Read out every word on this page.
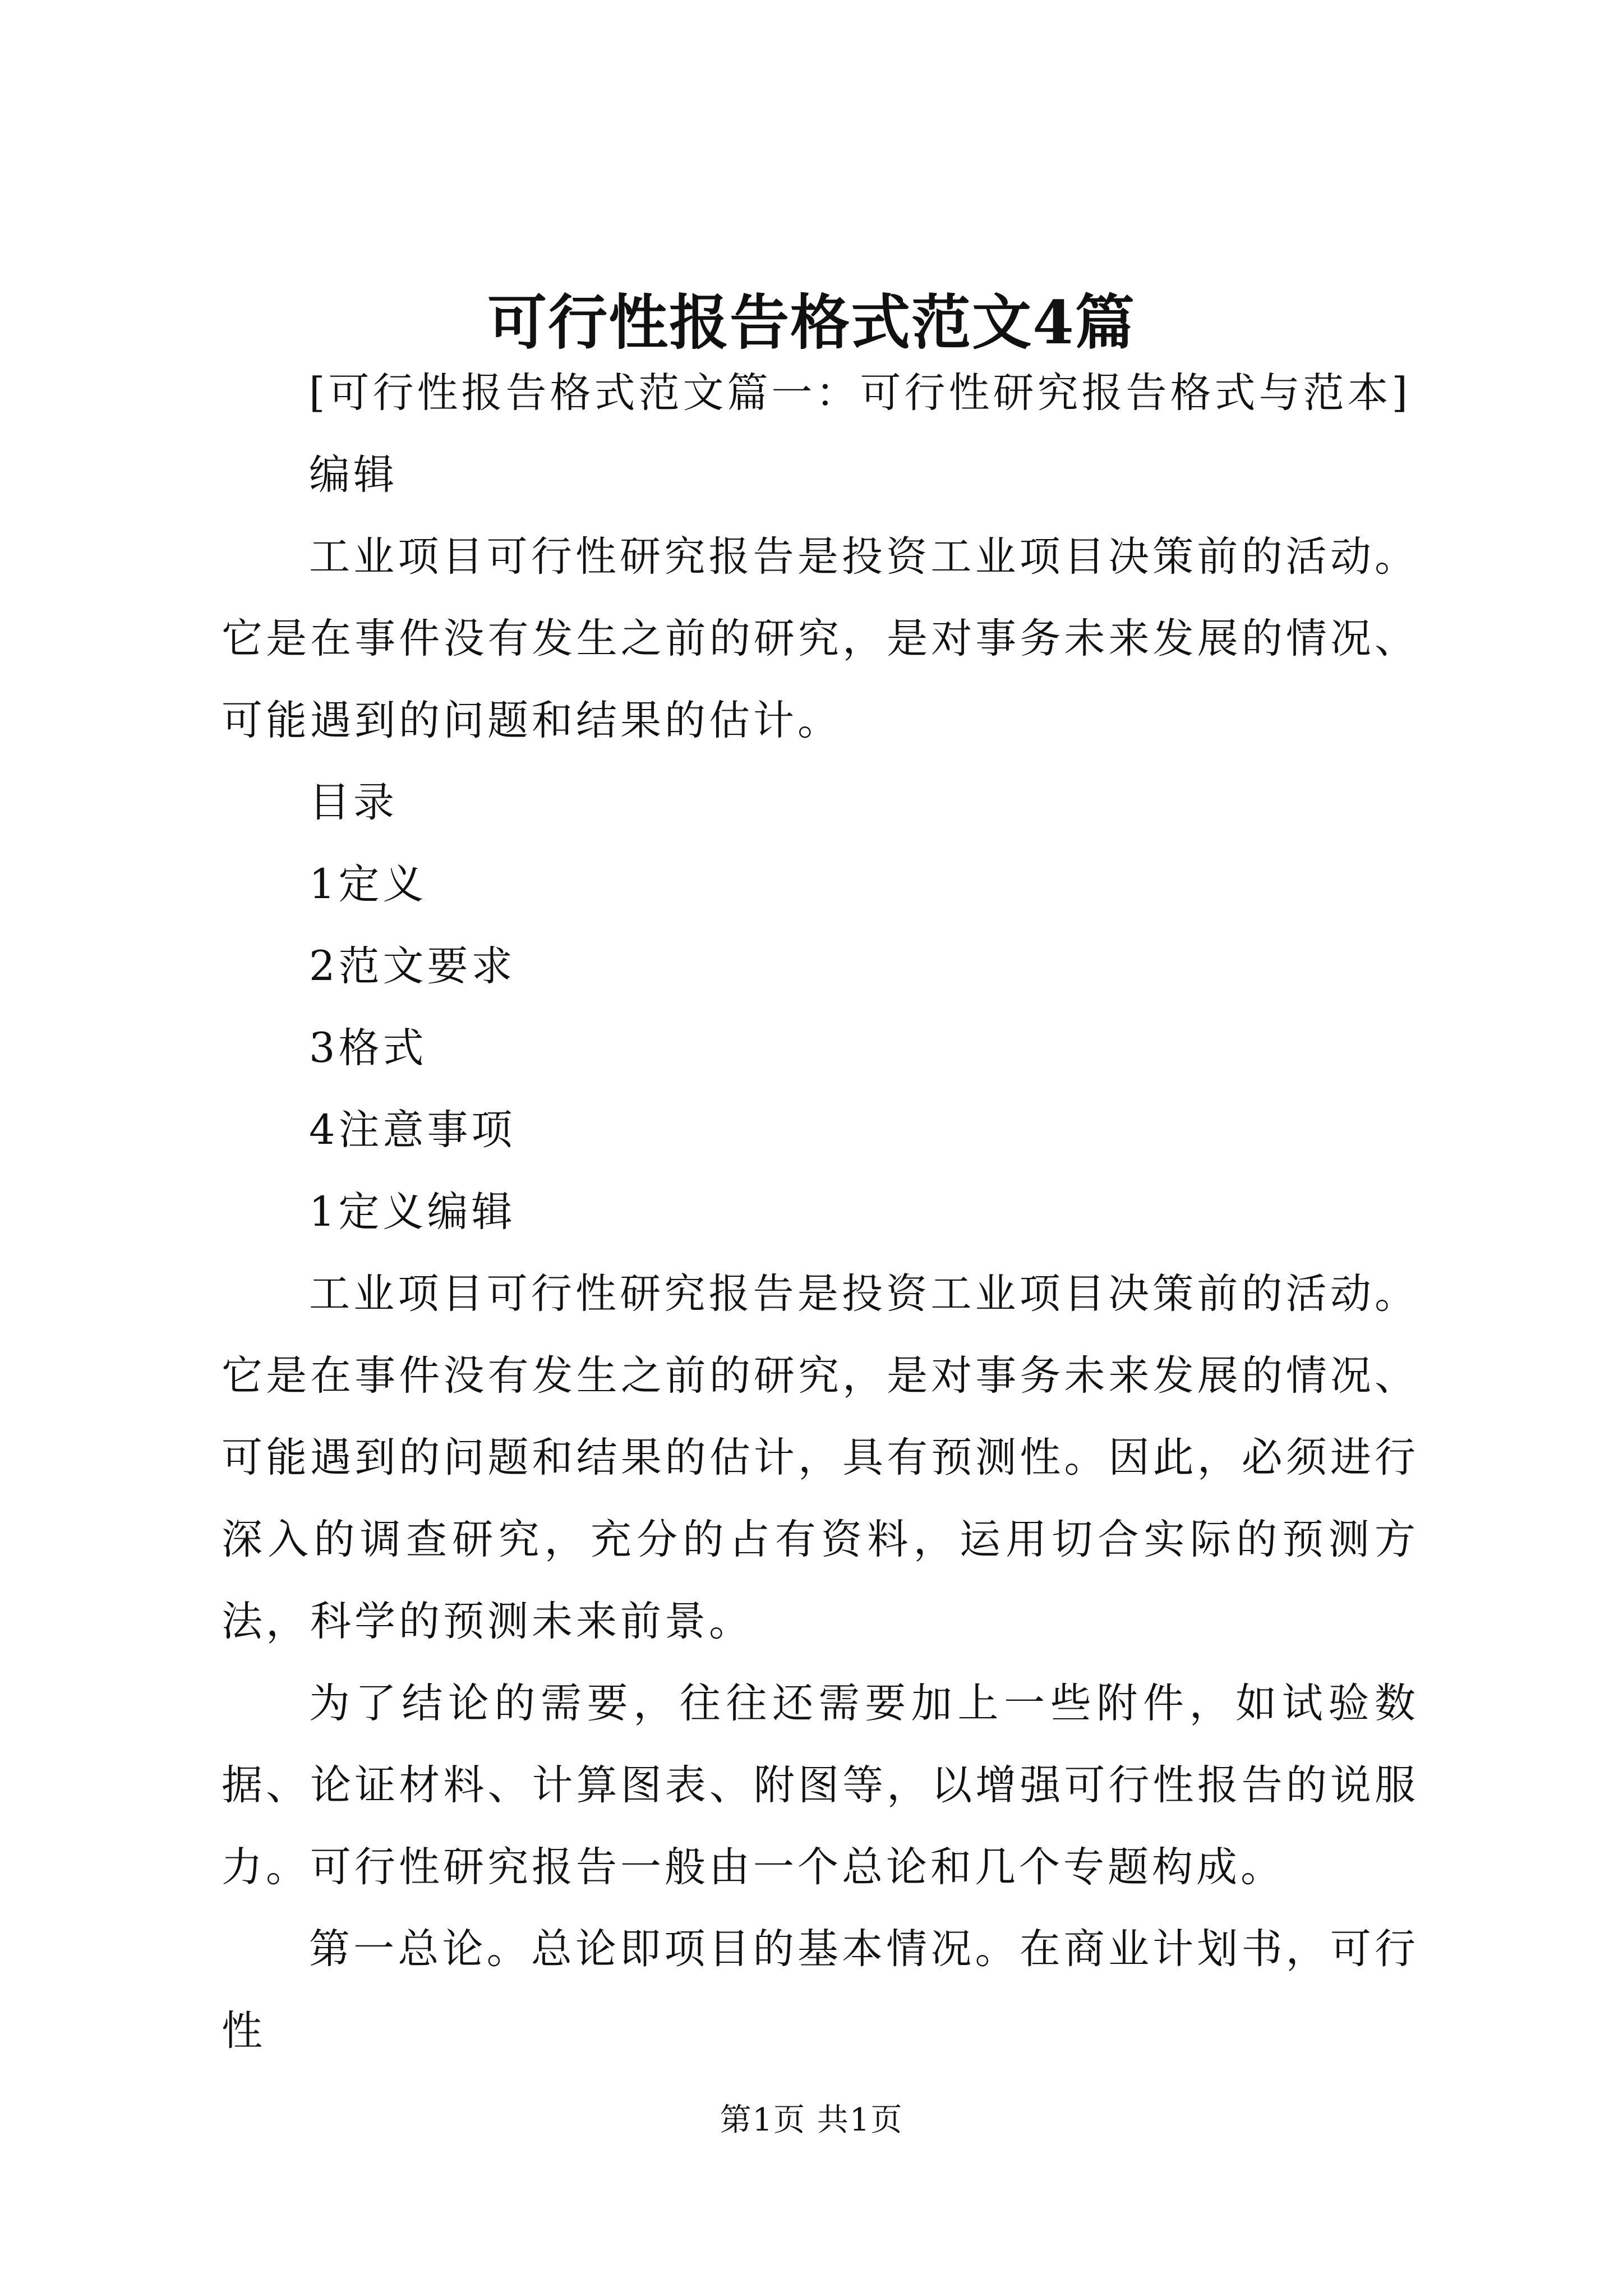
可行性报告格式范文4篇

[可行性报告格式范文篇一：可行性研究报告格式与范本]

编辑

工业项目可行性研究报告是投资工业项目决策前的活动。它是在事件没有发生之前的研究，是对事务未来发展的情况、可能遇到的问题和结果的估计。

目录

1定义

2范文要求

3格式

4注意事项

1定义编辑

工业项目可行性研究报告是投资工业项目决策前的活动。它是在事件没有发生之前的研究，是对事务未来发展的情况、可能遇到的问题和结果的估计，具有预测性。因此，必须进行深入的调查研究，充分的占有资料，运用切合实际的预测方法，科学的预测未来前景。

为了结论的需要，往往还需要加上一些附件，如试验数据、论证材料、计算图表、附图等，以增强可行性报告的说服力。可行性研究报告一般由一个总论和几个专题构成。

第一总论。总论即项目的基本情况。在商业计划书，可行性

第1页 共1页
